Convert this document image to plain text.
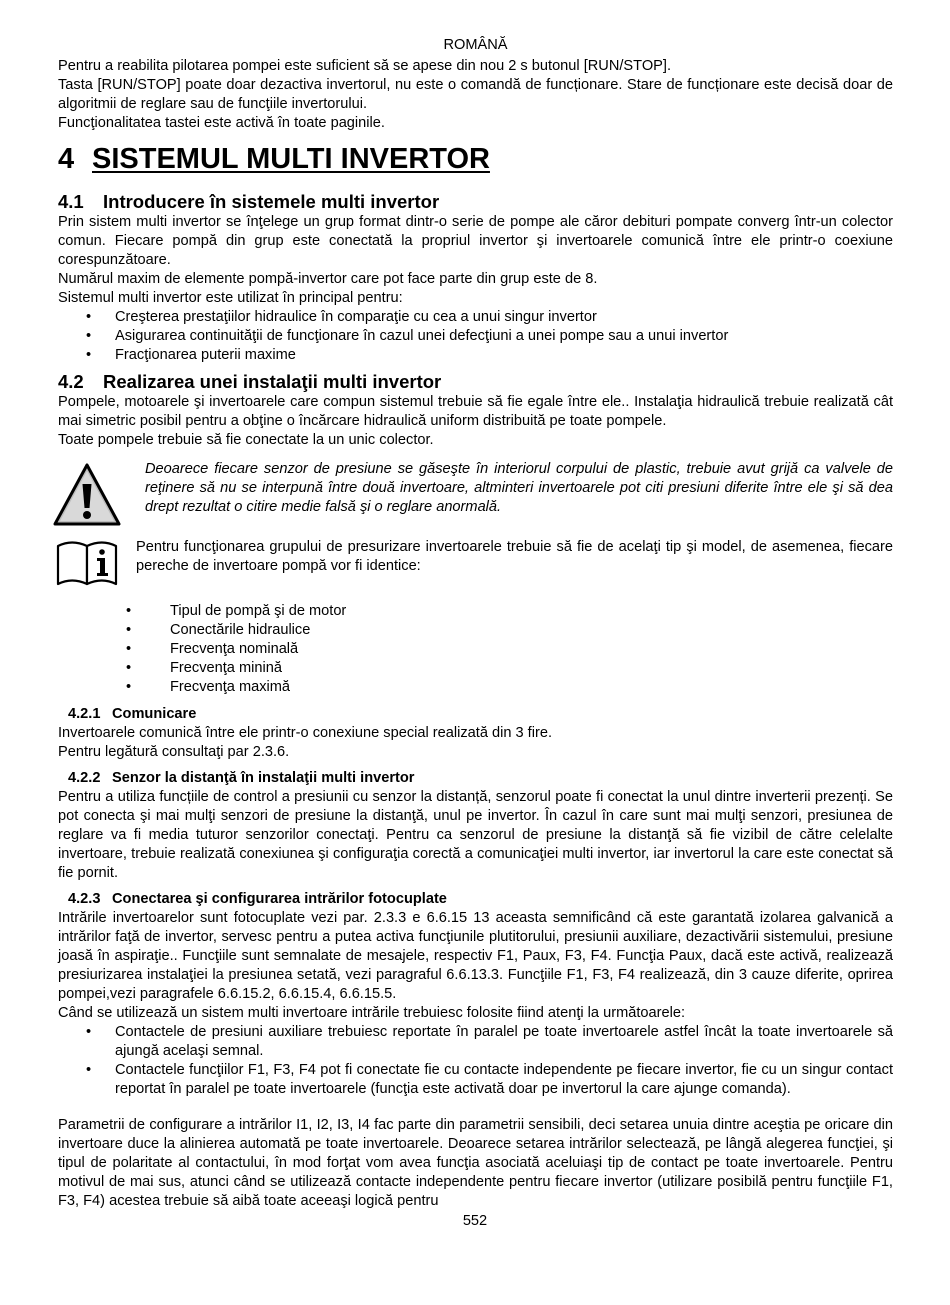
ROMÂNĂ

Pentru a reabilita pilotarea pompei este suficient să se apese din nou 2 s butonul [RUN/STOP].

Tasta [RUN/STOP] poate doar dezactiva invertorul, nu este o comandă de funcționare. Stare de funcționare este decisă doar de algoritmii de reglare sau de funcţiile invertorului.

Funcţionalitatea tastei este activă în toate paginile.

4 SISTEMUL MULTI INVERTOR
4.1	Introducere în sistemele multi invertor

Prin sistem multi invertor se înţelege un grup format dintr-o serie de pompe ale căror debituri pompate converg într-un colector comun. Fiecare pompă din grup este conectată la propriul invertor şi invertoarele comunică între ele printr-o coexiune corespunzătoare.

Numărul maxim de elemente pompă-invertor care pot face parte din grup este de 8.

Sistemul multi invertor este utilizat în principal pentru:

• Creşterea prestaţiilor hidraulice în comparaţie cu cea a unui singur invertor
• Asigurarea continuităţii de funcţionare în cazul unei defecţiuni a unei pompe sau a unui invertor
• Fracţionarea puterii maxime
4.2	Realizarea unei instalaţii multi invertor

Pompele, motoarele şi invertoarele care compun sistemul trebuie să fie egale între ele.. Instalaţia hidraulică trebuie realizată cât mai simetric posibil pentru a obţine o încărcare hidraulică uniform distribuită pe toate pompele.

Toate pompele trebuie să fie conectate la un unic colector.

Deoarece fiecare senzor de presiune se găseşte în interiorul corpului de plastic, trebuie avut grijă ca valvele de reţinere să nu se interpună între două invertoare, altminteri invertoarele pot citi presiuni diferite între ele şi să dea drept rezultat o citire medie falsă şi o reglare anormală.

Pentru funcţionarea grupului de presurizare invertoarele trebuie să fie de acelaţi tip şi model, de asemenea, fiecare pereche de invertoare pompă vor fi identice:

• Tipul de pompă şi de motor
• Conectările hidraulice
• Frecvenţa nominală
• Frecvenţa minină
• Frecvenţa maximă
4.2.1 Comunicare

Invertoarele comunică între ele printr-o conexiune special realizată din 3 fire.

Pentru legătură consultaţi par 2.3.6.

4.2.2 Senzor la distanţă în instalaţii multi invertor

Pentru a utiliza funcțiile de control a presiunii cu senzor la distanță, senzorul poate fi conectat la unul dintre inverterii prezenți. Se pot conecta şi mai mulţi senzori de presiune la distanţă, unul pe invertor. În cazul în care sunt mai mulţi senzori, presiunea de reglare va fi media tuturor senzorilor conectaţi. Pentru ca senzorul de presiune la distanţă să fie vizibil de către celelalte invertoare, trebuie realizată conexiunea şi configuraţia corectă a comunicaţiei multi invertor, iar invertorul la care este conectat să fie pornit.

4.2.3 Conectarea şi configurarea intrărilor fotocuplate

Intrările invertoarelor sunt fotocuplate vezi par. 2.3.3 e 6.6.15 13 aceasta semnificând că este garantată izolarea galvanică a intrărilor faţă de invertor, servesc pentru a putea activa funcţiunile plutitorului, presiunii auxiliare, dezactivării sistemului, presiune joasă în aspiraţie.. Funcţiile sunt semnalate de mesajele, respectiv F1, Paux, F3, F4. Funcţia Paux, dacă este activă, realizează presiurizarea instalaţiei la presiunea setată, vezi paragraful 6.6.13.3. Funcţiile F1, F3, F4 realizează, din 3 cauze diferite, oprirea pompei,vezi paragrafele 6.6.15.2, 6.6.15.4, 6.6.15.5.

Când se utilizează un sistem multi invertoare intrările trebuiesc folosite fiind atenţi la următoarele:

• Contactele de presiuni auxiliare trebuiesc reportate în paralel pe toate invertoarele astfel încât la toate invertoarele să ajungă acelaşi semnal.
• Contactele funcţiilor F1, F3, F4 pot fi conectate fie cu contacte independente pe fiecare invertor, fie cu un singur contact reportat în paralel pe toate invertoarele (funcţia este activată doar pe invertorul la care ajunge comanda).

Parametrii de configurare a intrărilor I1, I2, I3, I4 fac parte din parametrii sensibili, deci setarea unuia dintre aceştia pe oricare din invertoare duce la alinierea automată pe toate invertoarele. Deoarece setarea intrărilor selectează, pe lângă alegerea funcţiei, şi tipul de polaritate al contactului, în mod forţat vom avea funcţia asociată aceluiaşi tip de contact pe toate invertoarele. Pentru motivul de mai sus, atunci când se utilizează contacte independente pentru fiecare invertor (utilizare posibilă pentru funcţiile F1, F3, F4) acestea trebuie să aibă toate aceeaşi logică pentru

552
